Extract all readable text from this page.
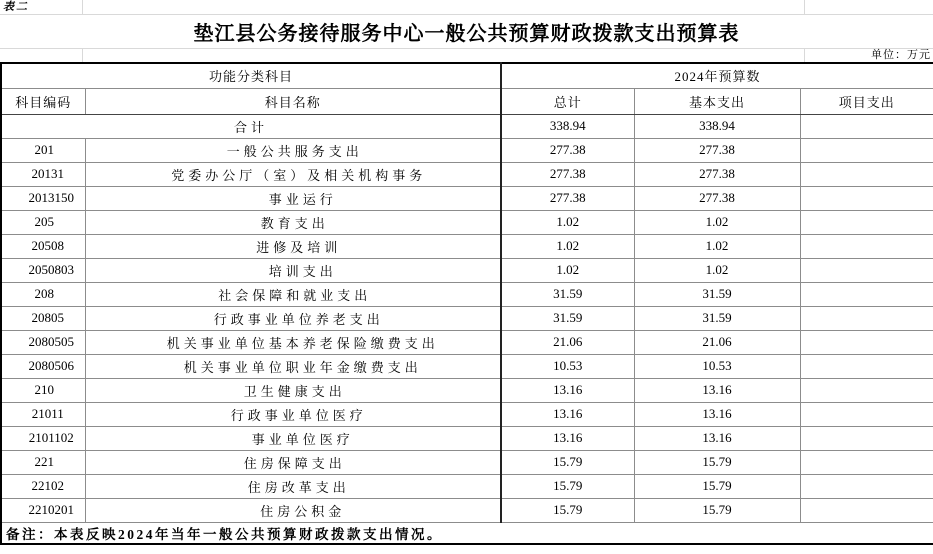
表二
垫江县公务接待服务中心一般公共预算财政拨款支出预算表
单位：万元
功能分类科目		2024年预算数		
科目编码	科目名称	总计	基本支出	项目支出
合计		338.94	338.94	
201	一般公共服务支出	277.38	277.38	
20131	党委办公厅（室）及相关机构事务	277.38	277.38	
2013150	事业运行	277.38	277.38	
205	教育支出	1.02	1.02	
20508	进修及培训	1.02	1.02	
2050803	培训支出	1.02	1.02	
208	社会保障和就业支出	31.59	31.59	
20805	行政事业单位养老支出	31.59	31.59	
2080505	机关事业单位基本养老保险缴费支出	21.06	21.06	
2080506	机关事业单位职业年金缴费支出	10.53	10.53	
210	卫生健康支出	13.16	13.16	
21011	行政事业单位医疗	13.16	13.16	
2101102	事业单位医疗	13.16	13.16	
221	住房保障支出	15.79	15.79	
22102	住房改革支出	15.79	15.79	
2210201	住房公积金	15.79	15.79	
备注：本表反映2024年当年一般公共预算财政拨款支出情况。				
